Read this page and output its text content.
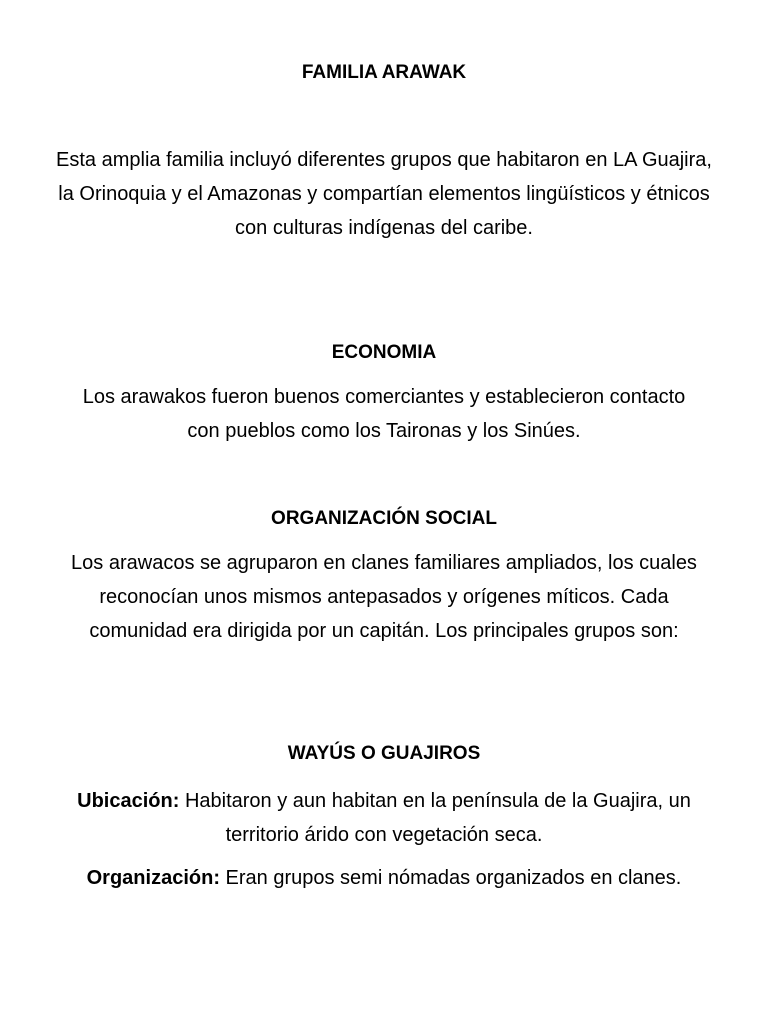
FAMILIA ARAWAK

Esta amplia familia incluyó diferentes grupos que habitaron en LA Guajira, la Orinoquia y el Amazonas y compartían elementos lingüísticos y étnicos con culturas indígenas del caribe.

ECONOMIA

Los arawakos fueron buenos comerciantes y establecieron contacto con pueblos como los Taironas y los Sinúes.

ORGANIZACIÓN SOCIAL

Los arawacos se agruparon en clanes familiares ampliados, los cuales reconocían unos mismos antepasados y orígenes míticos. Cada comunidad era dirigida por un capitán. Los principales grupos son:

WAYÚS O GUAJIROS

Ubicación: Habitaron y aun habitan en la península de la Guajira, un territorio árido con vegetación seca.

Organización: Eran grupos semi nómadas organizados en clanes.
